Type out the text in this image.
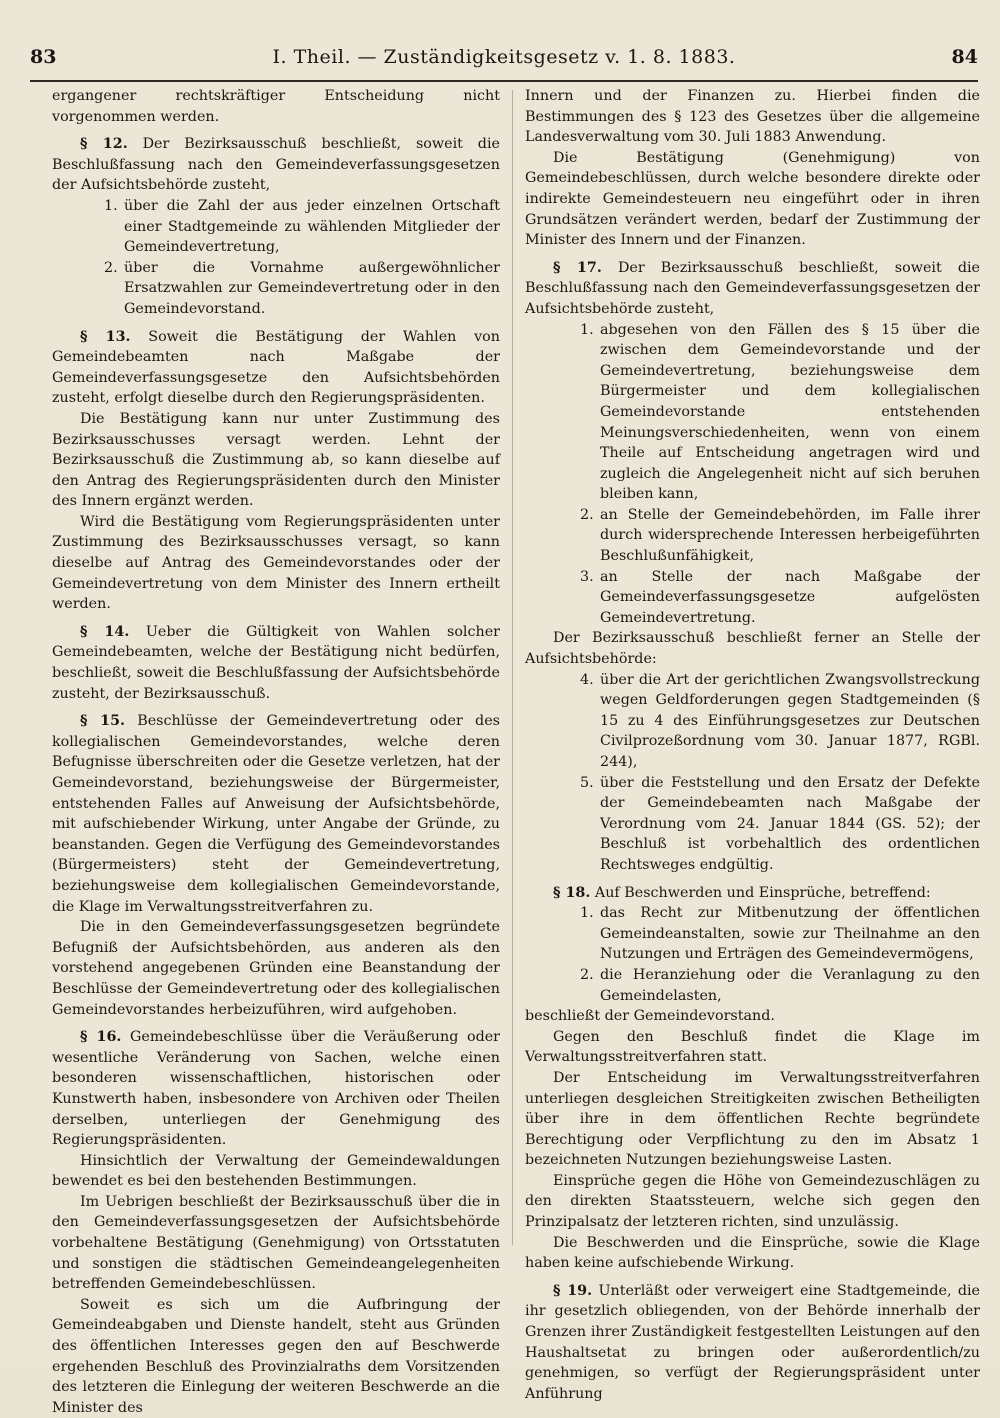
83	I. Theil. — Zuständigkeitsgesetz v. 1. 8. 1883.	84

ergangener rechtskräftiger Entscheidung nicht vorgenommen werden.

§ 12. Der Bezirksausschuß beschließt, soweit die Beschlußfassung nach den Gemeindeverfassungsgesetzen der Aufsichtsbehörde zusteht,

1. über die Zahl der aus jeder einzelnen Ortschaft einer Stadtgemeinde zu wählenden Mitglieder der Gemeindevertretung,

2. über die Vornahme außergewöhnlicher Ersatzwahlen zur Gemeindevertretung oder in den Gemeindevorstand.

§ 13. Soweit die Bestätigung der Wahlen von Gemeindebeamten nach Maßgabe der Gemeindeverfassungsgesetze den Aufsichtsbehörden zusteht, erfolgt dieselbe durch den Regierungspräsidenten.

Die Bestätigung kann nur unter Zustimmung des Bezirksausschusses versagt werden. Lehnt der Bezirksausschuß die Zustimmung ab, so kann dieselbe auf den Antrag des Regierungspräsidenten durch den Minister des Innern ergänzt werden.

Wird die Bestätigung vom Regierungspräsidenten unter Zustimmung des Bezirksausschusses versagt, so kann dieselbe auf Antrag des Gemeindevorstandes oder der Gemeindevertretung von dem Minister des Innern ertheilt werden.

§ 14. Ueber die Gültigkeit von Wahlen solcher Gemeindebeamten, welche der Bestätigung nicht bedürfen, beschließt, soweit die Beschlußfassung der Aufsichtsbehörde zusteht, der Bezirksausschuß.

§ 15. Beschlüsse der Gemeindevertretung oder des kollegialischen Gemeindevorstandes, welche deren Befugnisse überschreiten oder die Gesetze verletzen, hat der Gemeindevorstand, beziehungsweise der Bürgermeister, entstehenden Falles auf Anweisung der Aufsichtsbehörde, mit aufschiebender Wirkung, unter Angabe der Gründe, zu beanstanden. Gegen die Verfügung des Gemeindevorstandes (Bürgermeisters) steht der Gemeindevertretung, beziehungsweise dem kollegialischen Gemeindevorstande, die Klage im Verwaltungsstreitverfahren zu.

Die in den Gemeindeverfassungsgesetzen begründete Befugniß der Aufsichtsbehörden, aus anderen als den vorstehend angegebenen Gründen eine Beanstandung der Beschlüsse der Gemeindevertretung oder des kollegialischen Gemeindevorstandes herbeizuführen, wird aufgehoben.

§ 16. Gemeindebeschlüsse über die Veräußerung oder wesentliche Veränderung von Sachen, welche einen besonderen wissenschaftlichen, historischen oder Kunstwerth haben, insbesondere von Archiven oder Theilen derselben, unterliegen der Genehmigung des Regierungspräsidenten.

Hinsichtlich der Verwaltung der Gemeindewaldungen bewendet es bei den bestehenden Bestimmungen.

Im Uebrigen beschließt der Bezirksausschuß über die in den Gemeindeverfassungsgesetzen der Aufsichtsbehörde vorbehaltene Bestätigung (Genehmigung) von Ortsstatuten und sonstigen die städtischen Gemeindeangelegenheiten betreffenden Gemeindebeschlüssen.

Soweit es sich um die Aufbringung der Gemeindeabgaben und Dienste handelt, steht aus Gründen des öffentlichen Interesses gegen den auf Beschwerde ergehenden Beschluß des Provinzialraths dem Vorsitzenden des letzteren die Einlegung der weiteren Beschwerde an die Minister des

Innern und der Finanzen zu. Hierbei finden die Bestimmungen des § 123 des Gesetzes über die allgemeine Landesverwaltung vom 30. Juli 1883 Anwendung.

Die Bestätigung (Genehmigung) von Gemeindebeschlüssen, durch welche besondere direkte oder indirekte Gemeindesteuern neu eingeführt oder in ihren Grundsätzen verändert werden, bedarf der Zustimmung der Minister des Innern und der Finanzen.

§ 17. Der Bezirksausschuß beschließt, soweit die Beschlußfassung nach den Gemeindeverfassungsgesetzen der Aufsichtsbehörde zusteht,

1. abgesehen von den Fällen des § 15 über die zwischen dem Gemeindevorstande und der Gemeindevertretung, beziehungsweise dem Bürgermeister und dem kollegialischen Gemeindevorstande entstehenden Meinungsverschiedenheiten, wenn von einem Theile auf Entscheidung angetragen wird und zugleich die Angelegenheit nicht auf sich beruhen bleiben kann,

2. an Stelle der Gemeindebehörden, im Falle ihrer durch widersprechende Interessen herbeigeführten Beschlußunfähigkeit,

3. an Stelle der nach Maßgabe der Gemeindeverfassungsgesetze aufgelösten Gemeindevertretung.

Der Bezirksausschuß beschließt ferner an Stelle der Aufsichtsbehörde:

4. über die Art der gerichtlichen Zwangsvollstreckung wegen Geldforderungen gegen Stadtgemeinden (§ 15 zu 4 des Einführungsgesetzes zur Deutschen Civilprozeßordnung vom 30. Januar 1877, RGBl. 244),

5. über die Feststellung und den Ersatz der Defekte der Gemeindebeamten nach Maßgabe der Verordnung vom 24. Januar 1844 (GS. 52); der Beschluß ist vorbehaltlich des ordentlichen Rechtsweges endgültig.

§ 18. Auf Beschwerden und Einsprüche, betreffend:

1. das Recht zur Mitbenutzung der öffentlichen Gemeindeanstalten, sowie zur Theilnahme an den Nutzungen und Erträgen des Gemeindevermögens,

2. die Heranziehung oder die Veranlagung zu den Gemeindelasten,

beschließt der Gemeindevorstand.

Gegen den Beschluß findet die Klage im Verwaltungsstreitverfahren statt.

Der Entscheidung im Verwaltungsstreitverfahren unterliegen desgleichen Streitigkeiten zwischen Betheiligten über ihre in dem öffentlichen Rechte begründete Berechtigung oder Verpflichtung zu den im Absatz 1 bezeichneten Nutzungen beziehungsweise Lasten.

Einsprüche gegen die Höhe von Gemeindezuschlägen zu den direkten Staatssteuern, welche sich gegen den Prinzipalsatz der letzteren richten, sind unzulässig.

Die Beschwerden und die Einsprüche, sowie die Klage haben keine aufschiebende Wirkung.

§ 19. Unterläßt oder verweigert eine Stadtgemeinde, die ihr gesetzlich obliegenden, von der Behörde innerhalb der Grenzen ihrer Zuständigkeit festgestellten Leistungen auf den Haushaltsetat zu bringen oder außerordentlich/zu genehmigen, so verfügt der Regierungspräsident unter Anführung
